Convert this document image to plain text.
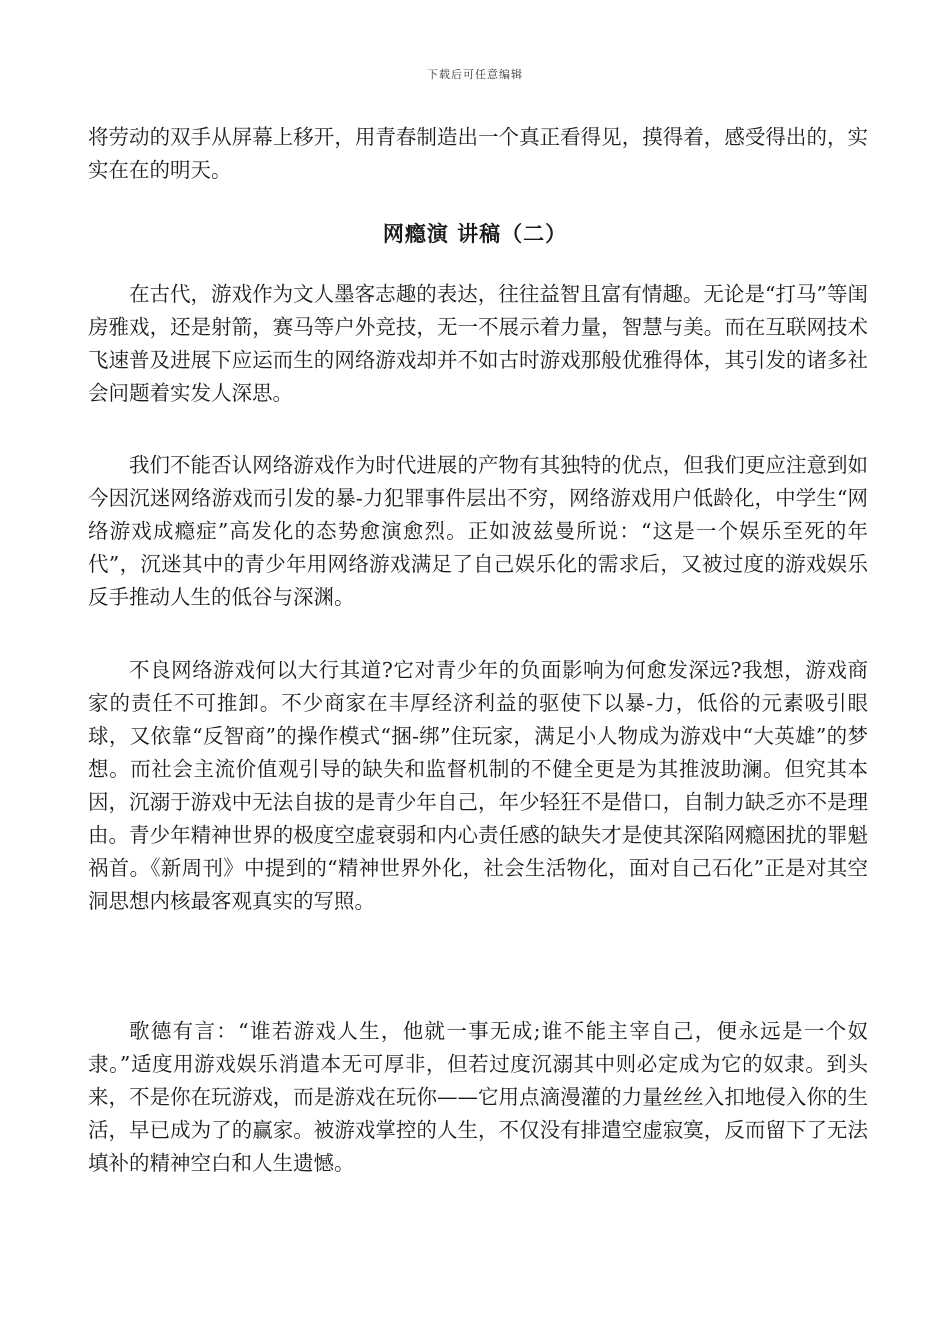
下载后可任意编辑

将劳动的双手从屏幕上移开，用青春制造出一个真正看得见，摸得着，感受得出的，实实在在的明天。

网瘾演 讲稿（二）

在古代，游戏作为文人墨客志趣的表达，往往益智且富有情趣。无论是“打马”等闺房雅戏，还是射箭，赛马等户外竞技，无一不展示着力量，智慧与美。而在互联网技术飞速普及进展下应运而生的网络游戏却并不如古时游戏那般优雅得体，其引发的诸多社会问题着实发人深思。

我们不能否认网络游戏作为时代进展的产物有其独特的优点，但我们更应注意到如今因沉迷网络游戏而引发的暴-力犯罪事件层出不穷，网络游戏用户低龄化，中学生“网络游戏成瘾症”高发化的态势愈演愈烈。正如波兹曼所说：“这是一个娱乐至死的年代”，沉迷其中的青少年用网络游戏满足了自己娱乐化的需求后，又被过度的游戏娱乐反手推动人生的低谷与深渊。

不良网络游戏何以大行其道?它对青少年的负面影响为何愈发深远?我想，游戏商家的责任不可推卸。不少商家在丰厚经济利益的驱使下以暴-力，低俗的元素吸引眼球，又依靠“反智商”的操作模式“捆-绑”住玩家，满足小人物成为游戏中“大英雄”的梦想。而社会主流价值观引导的缺失和监督机制的不健全更是为其推波助澜。但究其本因，沉溺于游戏中无法自拔的是青少年自己，年少轻狂不是借口，自制力缺乏亦不是理由。青少年精神世界的极度空虚衰弱和内心责任感的缺失才是使其深陷网瘾困扰的罪魁祸首。《新周刊》中提到的“精神世界外化，社会生活物化，面对自己石化”正是对其空洞思想内核最客观真实的写照。

歌德有言：“谁若游戏人生，他就一事无成;谁不能主宰自己，便永远是一个奴隶。”适度用游戏娱乐消遣本无可厚非，但若过度沉溺其中则必定成为它的奴隶。到头来，不是你在玩游戏，而是游戏在玩你——它用点滴漫灌的力量丝丝入扣地侵入你的生活，早已成为了的赢家。被游戏掌控的人生，不仅没有排遣空虚寂寞，反而留下了无法填补的精神空白和人生遗憾。
